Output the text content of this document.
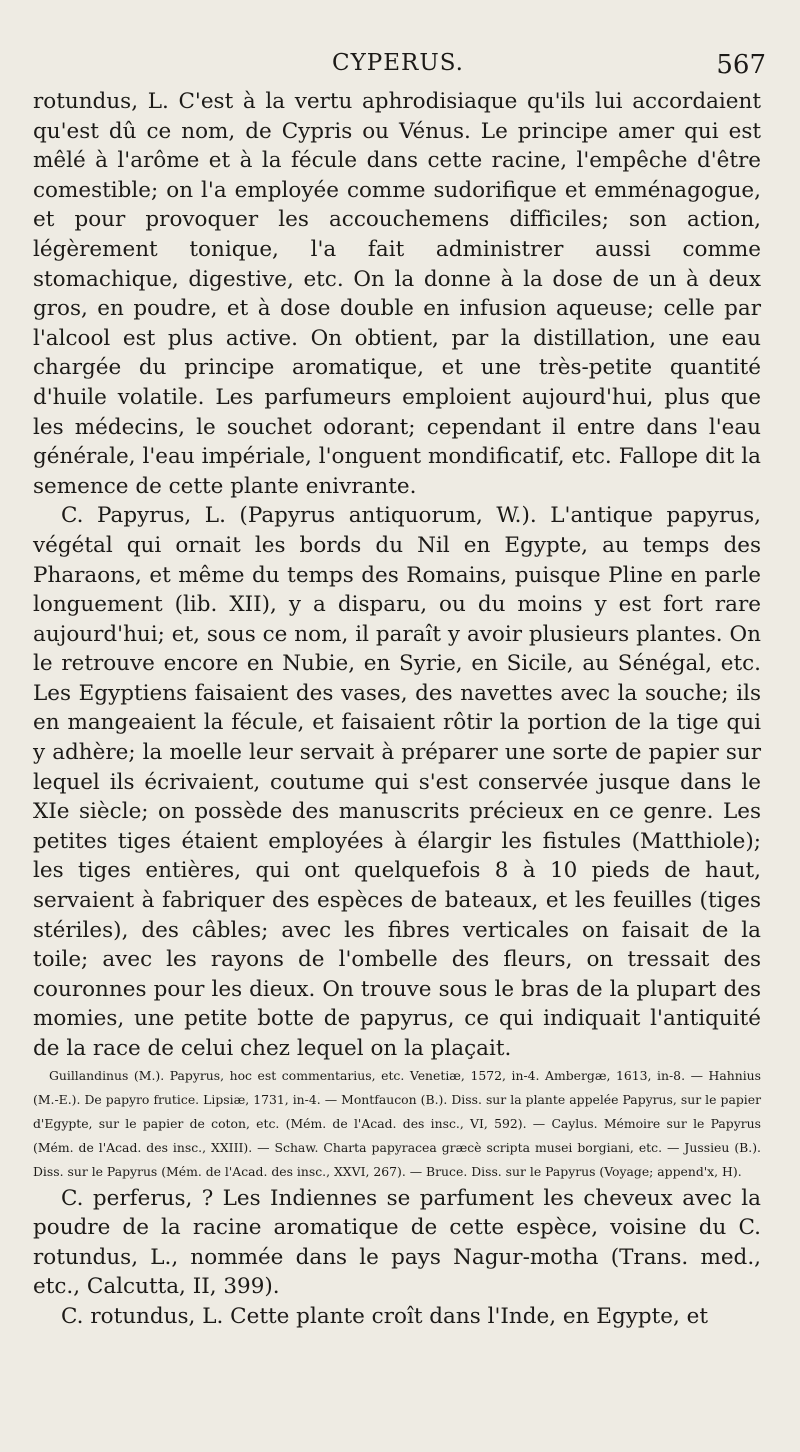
CYPERUS.	567

rotundus, L. C'est à la vertu aphrodisiaque qu'ils lui accordaient qu'est dû ce nom, de Cypris ou Vénus. Le principe amer qui est mêlé à l'arôme et à la fécule dans cette racine, l'empêche d'être comestible; on l'a employée comme sudorifique et emménagogue, et pour provoquer les accouchemens difficiles; son action, légèrement tonique, l'a fait administrer aussi comme stomachique, digestive, etc. On la donne à la dose de un à deux gros, en poudre, et à dose double en infusion aqueuse; celle par l'alcool est plus active. On obtient, par la distillation, une eau chargée du principe aromatique, et une très-petite quantité d'huile volatile. Les parfumeurs emploient aujourd'hui, plus que les médecins, le souchet odorant; cependant il entre dans l'eau générale, l'eau impériale, l'onguent mondificatif, etc. Fallope dit la semence de cette plante enivrante.

C. Papyrus, L. (Papyrus antiquorum, W.). L'antique papyrus, végétal qui ornait les bords du Nil en Egypte, au temps des Pharaons, et même du temps des Romains, puisque Pline en parle longuement (lib. XII), y a disparu, ou du moins y est fort rare aujourd'hui; et, sous ce nom, il paraît y avoir plusieurs plantes. On le retrouve encore en Nubie, en Syrie, en Sicile, au Sénégal, etc. Les Egyptiens faisaient des vases, des navettes avec la souche; ils en mangeaient la fécule, et faisaient rôtir la portion de la tige qui y adhère; la moelle leur servait à préparer une sorte de papier sur lequel ils écrivaient, coutume qui s'est conservée jusque dans le XIe siècle; on possède des manuscrits précieux en ce genre. Les petites tiges étaient employées à élargir les fistules (Matthiole); les tiges entières, qui ont quelquefois 8 à 10 pieds de haut, servaient à fabriquer des espèces de bateaux, et les feuilles (tiges stériles), des câbles; avec les fibres verticales on faisait de la toile; avec les rayons de l'ombelle des fleurs, on tressait des couronnes pour les dieux. On trouve sous le bras de la plupart des momies, une petite botte de papyrus, ce qui indiquait l'antiquité de la race de celui chez lequel on la plaçait.

Guillandinus (M.). Papyrus, hoc est commentarius, etc. Venetiæ, 1572, in-4. Ambergæ, 1613, in-8. — Hahnius (M.-E.). De papyro frutice. Lipsiæ, 1731, in-4. — Montfaucon (B.). Diss. sur la plante appelée Papyrus, sur le papier d'Egypte, sur le papier de coton, etc. (Mém. de l'Acad. des insc., VI, 592). — Caylus. Mémoire sur le Papyrus (Mém. de l'Acad. des insc., XXIII). — Schaw. Charta papyracea græcè scripta musei borgiani, etc. — Jussieu (B.). Diss. sur le Papyrus (Mém. de l'Acad. des insc., XXVI, 267). — Bruce. Diss. sur le Papyrus (Voyage; append'x, H).

C. perferus, ? Les Indiennes se parfument les cheveux avec la poudre de la racine aromatique de cette espèce, voisine du C. rotundus, L., nommée dans le pays Nagur-motha (Trans. med., etc., Calcutta, II, 399).

C. rotundus, L. Cette plante croît dans l'Inde, en Egypte, et
